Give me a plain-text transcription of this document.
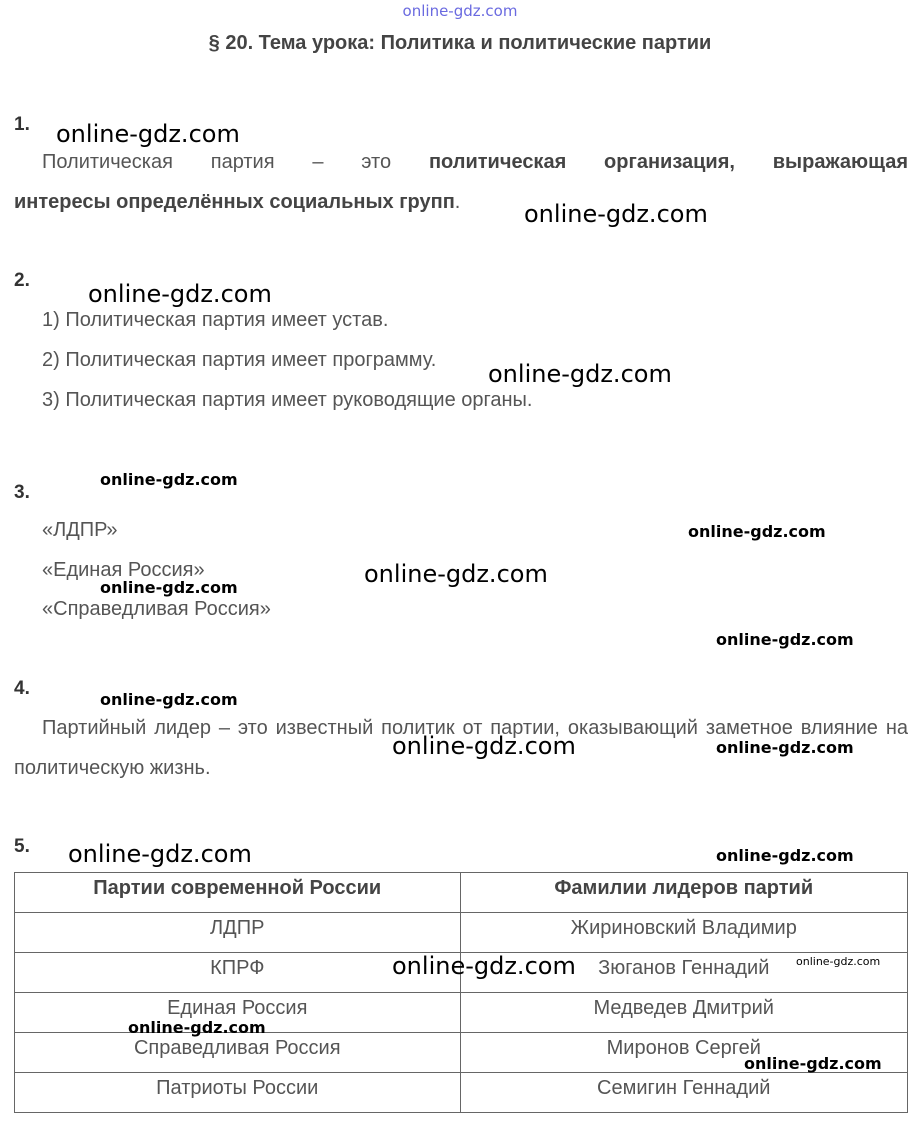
online-gdz.com
§ 20. Тема урока: Политика и политические партии
1.
Политическая партия – это политическая организация, выражающая
интересы определённых социальных групп.
2.
1) Политическая партия имеет устав.
2) Политическая партия имеет программу.
3) Политическая партия имеет руководящие органы.
3.
«ЛДПР»
«Единая Россия»
«Справедливая Россия»
4.
Партийный лидер – это известный политик от партии, оказывающий заметное влияние на политическую жизнь.
5.
Партии современной России	Фамилии лидеров партий
ЛДПР	Жириновский Владимир
КПРФ	Зюганов Геннадий
Единая Россия	Медведев Дмитрий
Справедливая Россия	Миронов Сергей
Патриоты России	Семигин Геннадий
online-gdz.com
online-gdz.com
online-gdz.com
online-gdz.com
online-gdz.com
online-gdz.com
online-gdz.com
online-gdz.com
online-gdz.com
online-gdz.com
online-gdz.com	online-gdz.com
online-gdz.com	online-gdz.com
online-gdz.com	online-gdz.com
online-gdz.com
online-gdz.com
